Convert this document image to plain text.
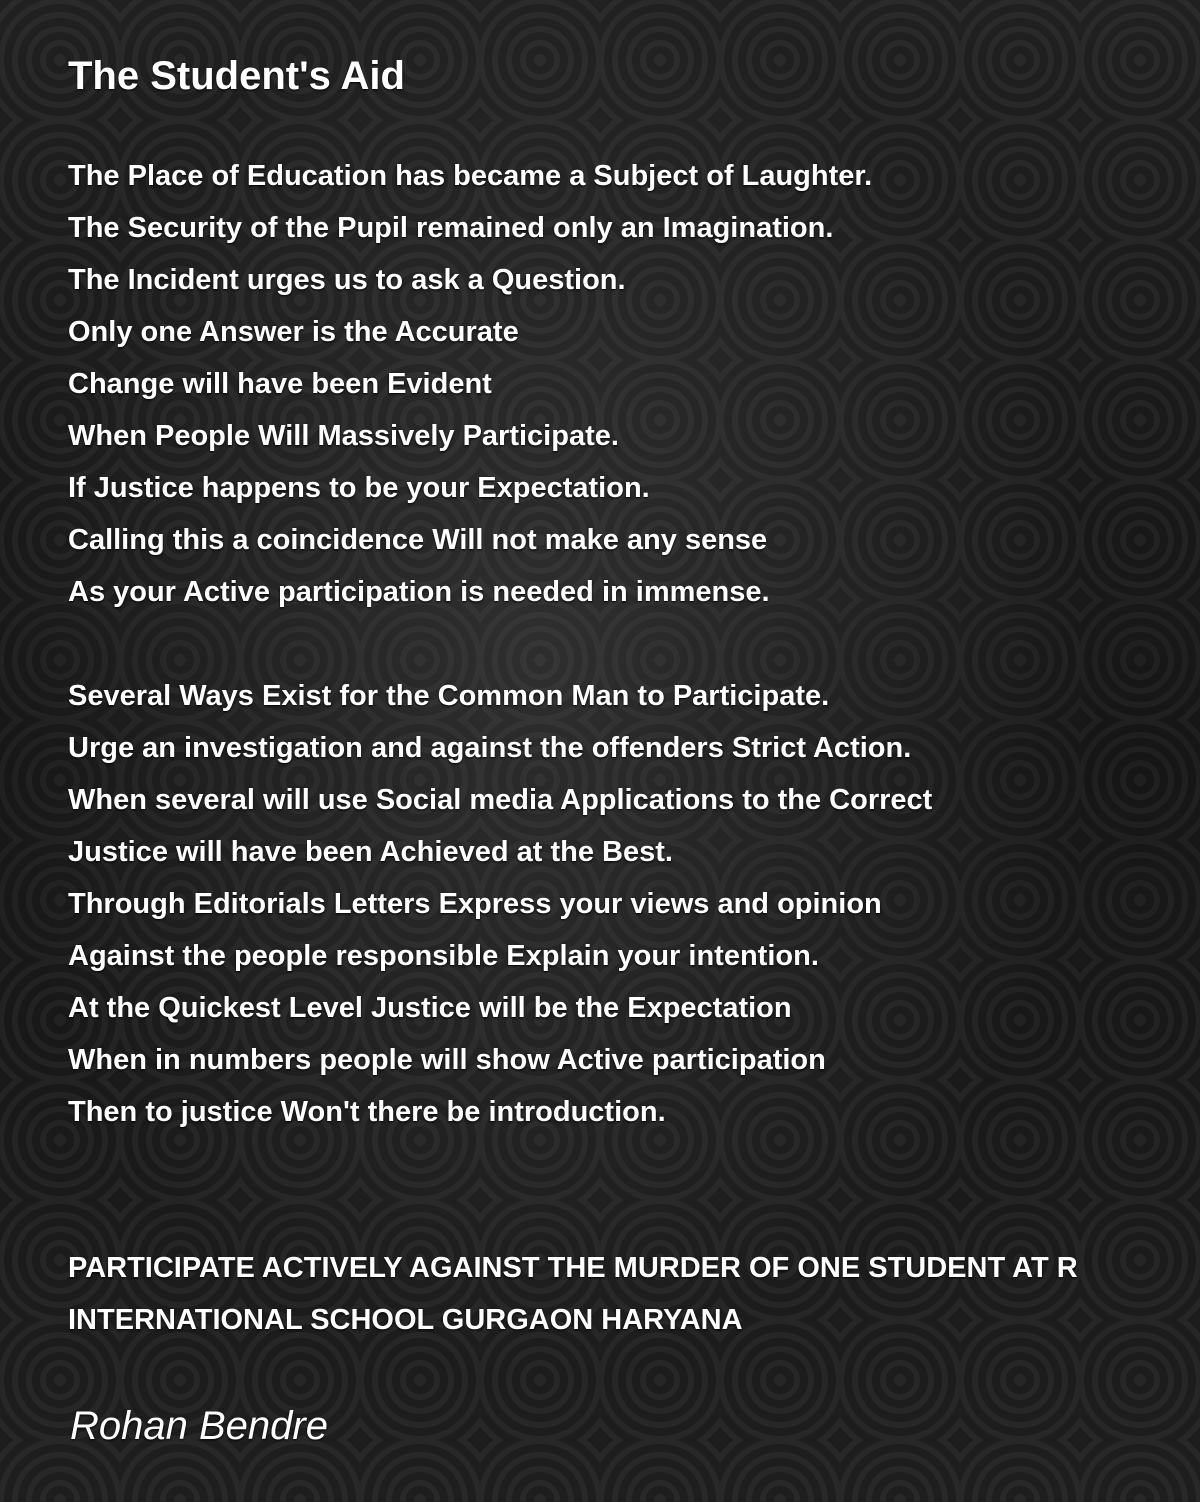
The Student's Aid
The Place of Education has became a Subject of Laughter.
The Security of the Pupil remained only an Imagination.
The Incident urges us to ask a Question.
Only one Answer is the Accurate
Change will have been Evident
When People Will Massively Participate.
If Justice happens to be your Expectation.
Calling this a coincidence Will not make any sense
As your Active participation is needed in immense.
Several Ways Exist for the Common Man to Participate.
Urge an investigation and against the offenders Strict Action.
When several will use Social media Applications to the Correct
Justice will have been Achieved at the Best.
Through Editorials Letters Express your views and opinion
Against the people responsible Explain your intention.
At the Quickest Level Justice will be the Expectation
When in numbers people will show Active participation
Then to justice Won't there be introduction.
PARTICIPATE ACTIVELY AGAINST THE MURDER OF ONE STUDENT AT R
INTERNATIONAL SCHOOL GURGAON HARYANA

Rohan Bendre
